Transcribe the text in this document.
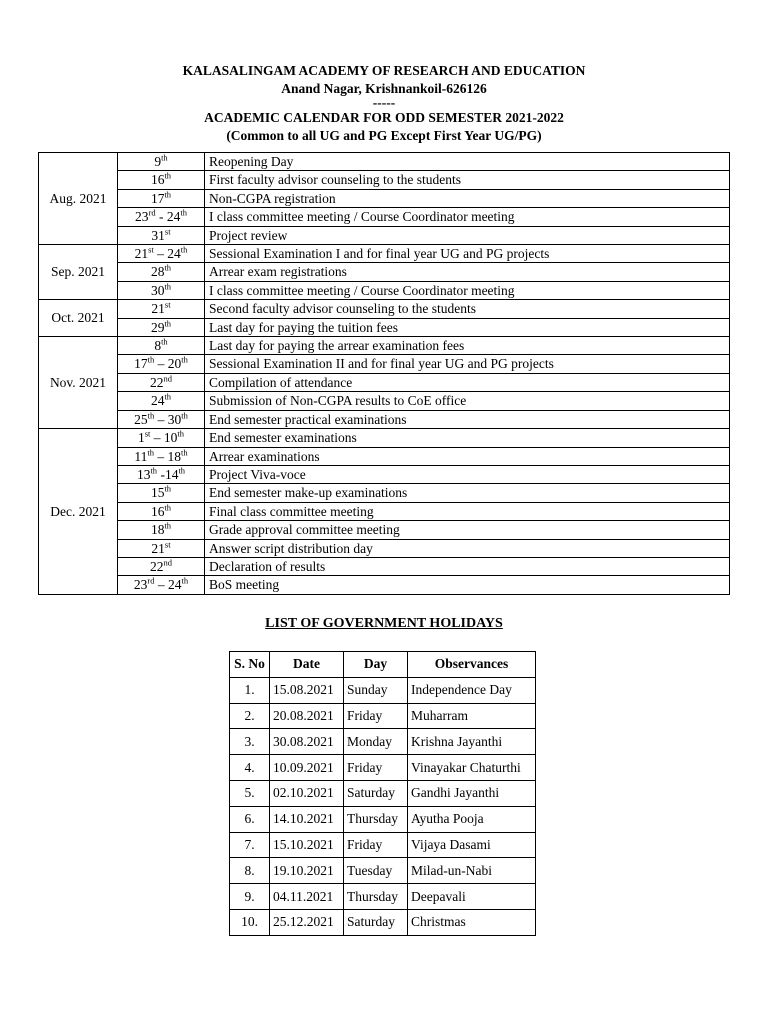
KALASALINGAM ACADEMY OF RESEARCH AND EDUCATION
Anand Nagar, Krishnankoil-626126
-----
ACADEMIC CALENDAR FOR ODD SEMESTER 2021-2022
(Common to all UG and PG Except First Year UG/PG)
Aug. 2021	9th	Reopening Day
	16th	First faculty advisor counseling to the students
	17th	Non-CGPA registration
	23rd - 24th	I class committee meeting / Course Coordinator meeting
	31st	Project review
Sep. 2021	21st – 24th	Sessional Examination I and for final year UG and PG projects
	28th	Arrear exam registrations
	30th	I class committee meeting / Course Coordinator meeting
Oct. 2021	21st	Second faculty advisor counseling to the students
	29th	Last day for paying the tuition fees
Nov. 2021	8th	Last day for paying the arrear examination fees
	17th – 20th	Sessional Examination II and for final year UG and PG projects
	22nd	Compilation of attendance
	24th	Submission of Non-CGPA results to CoE office
	25th – 30th	End semester practical examinations
Dec. 2021	1st – 10th	End semester examinations
	11th – 18th	Arrear examinations
	13th -14th	Project Viva-voce
	15th	End semester make-up examinations
	16th	Final class committee meeting
	18th	Grade approval committee meeting
	21st	Answer script distribution day
	22nd	Declaration of results
	23rd – 24th	BoS meeting
LIST OF GOVERNMENT HOLIDAYS
S. No	Date	Day	Observances
1.	15.08.2021	Sunday	Independence Day
2.	20.08.2021	Friday	Muharram
3.	30.08.2021	Monday	Krishna Jayanthi
4.	10.09.2021	Friday	Vinayakar Chaturthi
5.	02.10.2021	Saturday	Gandhi Jayanthi
6.	14.10.2021	Thursday	Ayutha Pooja
7.	15.10.2021	Friday	Vijaya Dasami
8.	19.10.2021	Tuesday	Milad-un-Nabi
9.	04.11.2021	Thursday	Deepavali
10.	25.12.2021	Saturday	Christmas
